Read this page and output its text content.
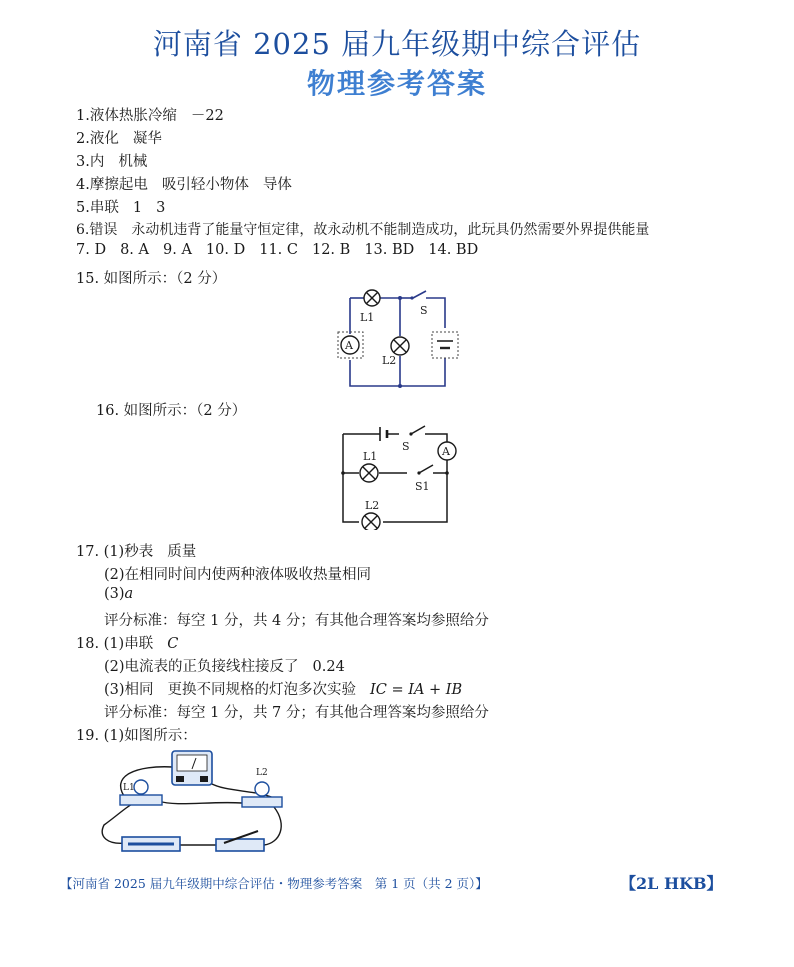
河南省 2025 届九年级期中综合评估
物理参考答案
1.液体热胀冷缩 －22
2.液化 凝华
3.内 机械
4.摩擦起电 吸引轻小物体 导体
5.串联 1 3
6.错误 永动机违背了能量守恒定律，故永动机不能制造成功，此玩具仍然需要外界提供能量
7. D 8. A 9. A 10. D 11. C 12. B 13. BD 14. BD
15. 如图所示：（2 分）
L1
L2
S
A
16. 如图所示：（2 分）
S	A
L1
S1
L2
17. (1)秒表 质量
(2)在相同时间内使两种液体吸收热量相同
(3)a
评分标准：每空 1 分，共 4 分；有其他合理答案均参照给分
18. (1)串联 C
(2)电流表的正负接线柱接反了 0.24
(3)相同 更换不同规格的灯泡多次实验 IC = IA + IB
评分标准：每空 1 分，共 7 分；有其他合理答案均参照给分
19. (1)如图所示：
L1
L2
【河南省 2025 届九年级期中综合评估・物理参考答案　第 1 页（共 2 页）】	【2L HKB】
